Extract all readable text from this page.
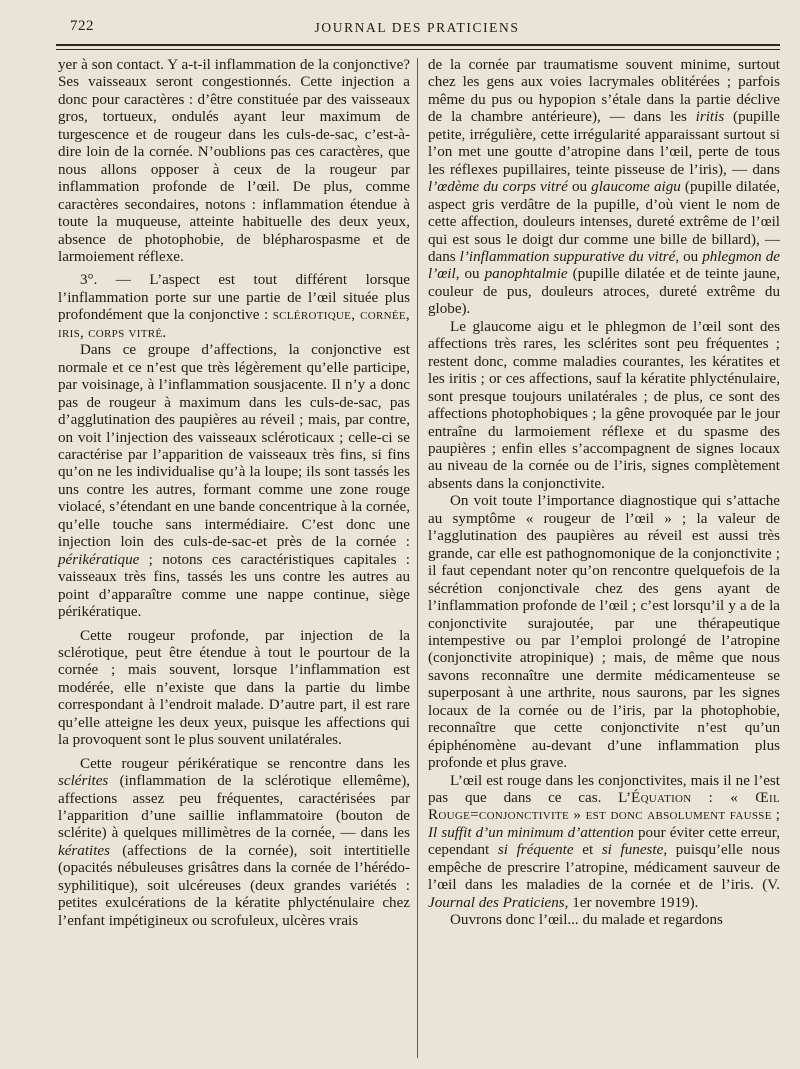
722	JOURNAL DES PRATICIENS

yer à son contact. Y a-t-il inflammation de la conjonctive? Ses vaisseaux seront congestionnés. Cette injection a donc pour caractères : d’être constituée par des vaisseaux gros, tortueux, ondulés ayant leur maximum de turgescence et de rougeur dans les culs-de-sac, c’est-à-dire loin de la cornée. N’oublions pas ces caractères, que nous allons opposer à ceux de la rougeur par inflammation profonde de l’œil. De plus, comme caractères secondaires, notons : inflammation étendue à toute la muqueuse, atteinte habituelle des deux yeux, absence de photophobie, de blépharospasme et de larmoiement réflexe.

3°. — L’aspect est tout différent lorsque l’inflammation porte sur une partie de l’œil située plus profondément que la conjonctive : sclérotique, cornée, iris, corps vitré.

Dans ce groupe d’affections, la conjonctive est normale et ce n’est que très légèrement qu’elle participe, par voisinage, à l’inflammation sousjacente. Il n’y a donc pas de rougeur à maximum dans les culs-de-sac, pas d’agglutination des paupières au réveil ; mais, par contre, on voit l’injection des vaisseaux scléroticaux ; celle-ci se caractérise par l’apparition de vaisseaux très fins, si fins qu’on ne les individualise qu’à la loupe; ils sont tassés les uns contre les autres, formant comme une zone rouge violacé, s’étendant en une bande concentrique à la cornée, qu’elle touche sans intermédiaire. C’est donc une injection loin des culs-de-sac-et près de la cornée : périkératique ; notons ces caractéristiques capitales : vaisseaux très fins, tassés les uns contre les autres au point d’apparaître comme une nappe continue, siège périkératique.

Cette rougeur profonde, par injection de la sclérotique, peut être étendue à tout le pourtour de la cornée ; mais souvent, lorsque l’inflammation est modérée, elle n’existe que dans la partie du limbe correspondant à l’endroit malade. D’autre part, il est rare qu’elle atteigne les deux yeux, puisque les affections qui la provoquent sont le plus souvent unilatérales.

Cette rougeur périkératique se rencontre dans les sclérites (inflammation de la sclérotique ellemême), affections assez peu fréquentes, caractérisées par l’apparition d’une saillie inflammatoire (bouton de sclérite) à quelques millimètres de la cornée, — dans les kératites (affections de la cornée), soit intertitielle (opacités nébuleuses grisâtres dans la cornée de l’hérédo-syphilitique), soit ulcéreuses (deux grandes variétés : petites exulcérations de la kératite phlycténulaire chez l’enfant impétigineux ou scrofuleux, ulcères vrais

de la cornée par traumatisme souvent minime, surtout chez les gens aux voies lacrymales oblitérées ; parfois même du pus ou hypopion s’étale dans la partie déclive de la chambre antérieure), — dans les iritis (pupille petite, irrégulière, cette irrégularité apparaissant surtout si l’on met une goutte d’atropine dans l’œil, perte de tous les réflexes pupillaires, teinte pisseuse de l’iris), — dans l’œdème du corps vitré ou glaucome aigu (pupille dilatée, aspect gris verdâtre de la pupille, d’où vient le nom de cette affection, douleurs intenses, dureté extrême de l’œil qui est sous le doigt dur comme une bille de billard), — dans l’inflammation suppurative du vitré, ou phlegmon de l’œil, ou panophtalmie (pupille dilatée et de teinte jaune, couleur de pus, douleurs atroces, dureté extrême du globe).

Le glaucome aigu et le phlegmon de l’œil sont des affections très rares, les sclérites sont peu fréquentes ; restent donc, comme maladies courantes, les kératites et les iritis ; or ces affections, sauf la kératite phlycténulaire, sont presque toujours unilatérales ; de plus, ce sont des affections photophobiques ; la gêne provoquée par le jour entraîne du larmoiement réflexe et du spasme des paupières ; enfin elles s’accompagnent de signes locaux au niveau de la cornée ou de l’iris, signes complètement absents dans la conjonctivite.

On voit toute l’importance diagnostique qui s’attache au symptôme « rougeur de l’œil » ; la valeur de l’agglutination des paupières au réveil est aussi très grande, car elle est pathognomonique de la conjonctivite ; il faut cependant noter qu’on rencontre quelquefois de la sécrétion conjonctivale chez des gens ayant de l’inflammation profonde de l’œil ; c’est lorsqu’il y a de la conjonctivite surajoutée, par une thérapeutique intempestive ou par l’emploi prolongé de l’atropine (conjonctivite atropinique) ; mais, de même que nous savons reconnaître une dermite médicamenteuse se superposant à une arthrite, nous saurons, par les signes locaux de la cornée ou de l’iris, par la photophobie, reconnaître que cette conjonctivite n’est qu’un épiphénomène au-devant d’une inflammation plus profonde et plus grave.

L’œil est rouge dans les conjonctivites, mais il ne l’est pas que dans ce cas. L’Équation : « Œil Rouge=conjonctivite » est donc absolument fausse ; Il suffit d’un minimum d’attention pour éviter cette erreur, cependant si fréquente et si funeste, puisqu’elle nous empêche de prescrire l’atropine, médicament sauveur de l’œil dans les maladies de la cornée et de l’iris. (V. Journal des Praticiens, 1er novembre 1919).

Ouvrons donc l’œil... du malade et regardons
